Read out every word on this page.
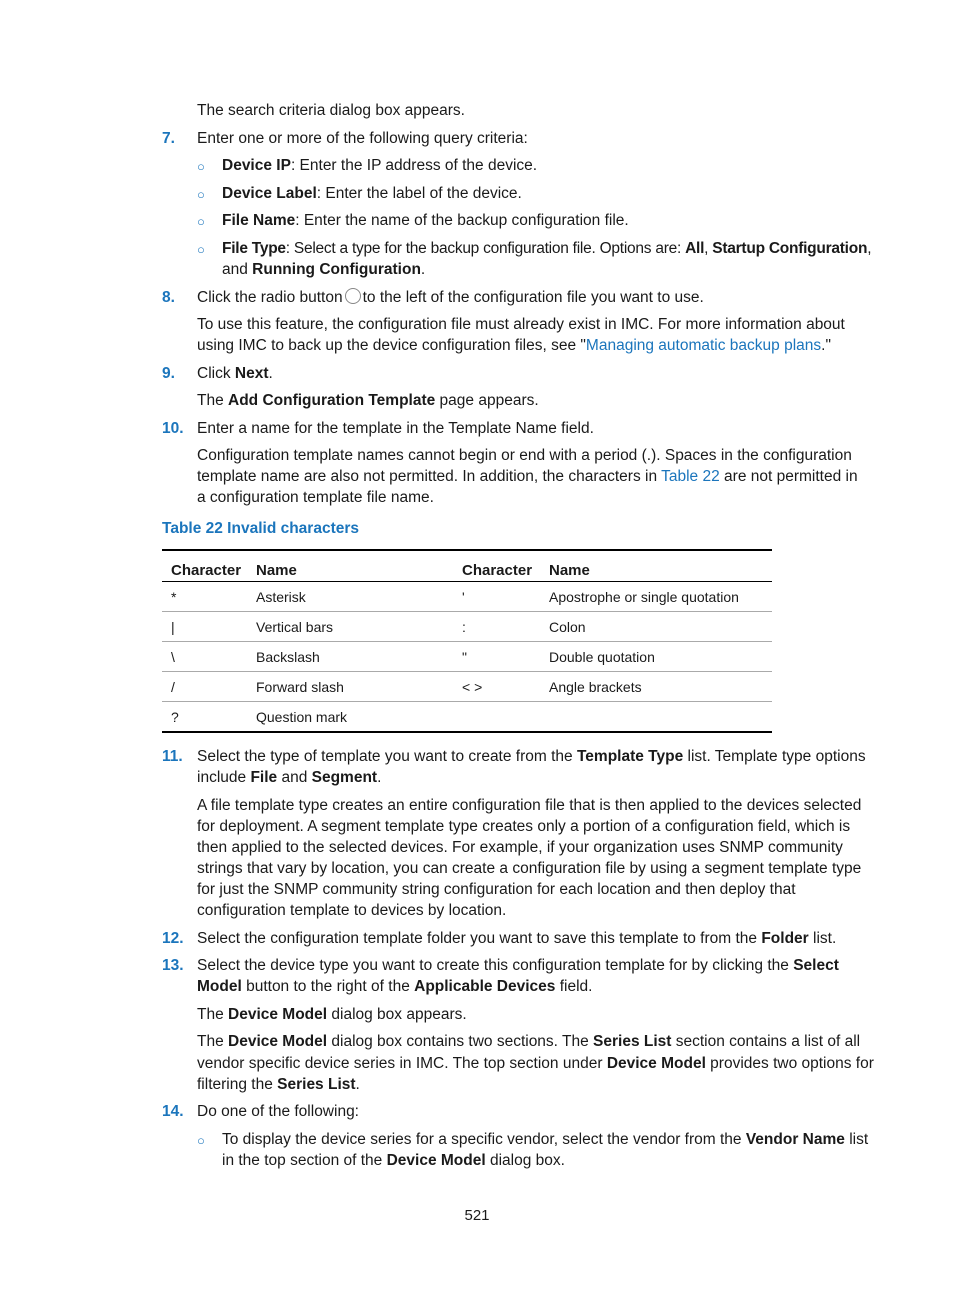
The search criteria dialog box appears.
7. Enter one or more of the following query criteria:
○ Device IP: Enter the IP address of the device.
○ Device Label: Enter the label of the device.
○ File Name: Enter the name of the backup configuration file.
○ File Type: Select a type for the backup configuration file. Options are: All, Startup Configuration,
and Running Configuration.
8. Click the radio button to the left of the configuration file you want to use.
To use this feature, the configuration file must already exist in IMC. For more information about
using IMC to back up the device configuration files, see "Managing automatic backup plans."
9. Click Next.
The Add Configuration Template page appears.
10. Enter a name for the template in the Template Name field.
Configuration template names cannot begin or end with a period (.). Spaces in the configuration
template name are also not permitted. In addition, the characters in Table 22 are not permitted in
a configuration template file name.
Table 22 Invalid characters
Character	Name	Character	Name
*	Asterisk	'	Apostrophe or single quotation
|	Vertical bars	:	Colon
\	Backslash	"	Double quotation
/	Forward slash	< >	Angle brackets
?	Question mark		
11. Select the type of template you want to create from the Template Type list. Template type options
include File and Segment.
A file template type creates an entire configuration file that is then applied to the devices selected
for deployment. A segment template type creates only a portion of a configuration field, which is
then applied to the selected devices. For example, if your organization uses SNMP community
strings that vary by location, you can create a configuration file by using a segment template type
for just the SNMP community string configuration for each location and then deploy that
configuration template to devices by location.
12. Select the configuration template folder you want to save this template to from the Folder list.
13. Select the device type you want to create this configuration template for by clicking the Select
Model button to the right of the Applicable Devices field.
The Device Model dialog box appears.
The Device Model dialog box contains two sections. The Series List section contains a list of all
vendor specific device series in IMC. The top section under Device Model provides two options for
filtering the Series List.
14. Do one of the following:
○ To display the device series for a specific vendor, select the vendor from the Vendor Name list
in the top section of the Device Model dialog box.
521
